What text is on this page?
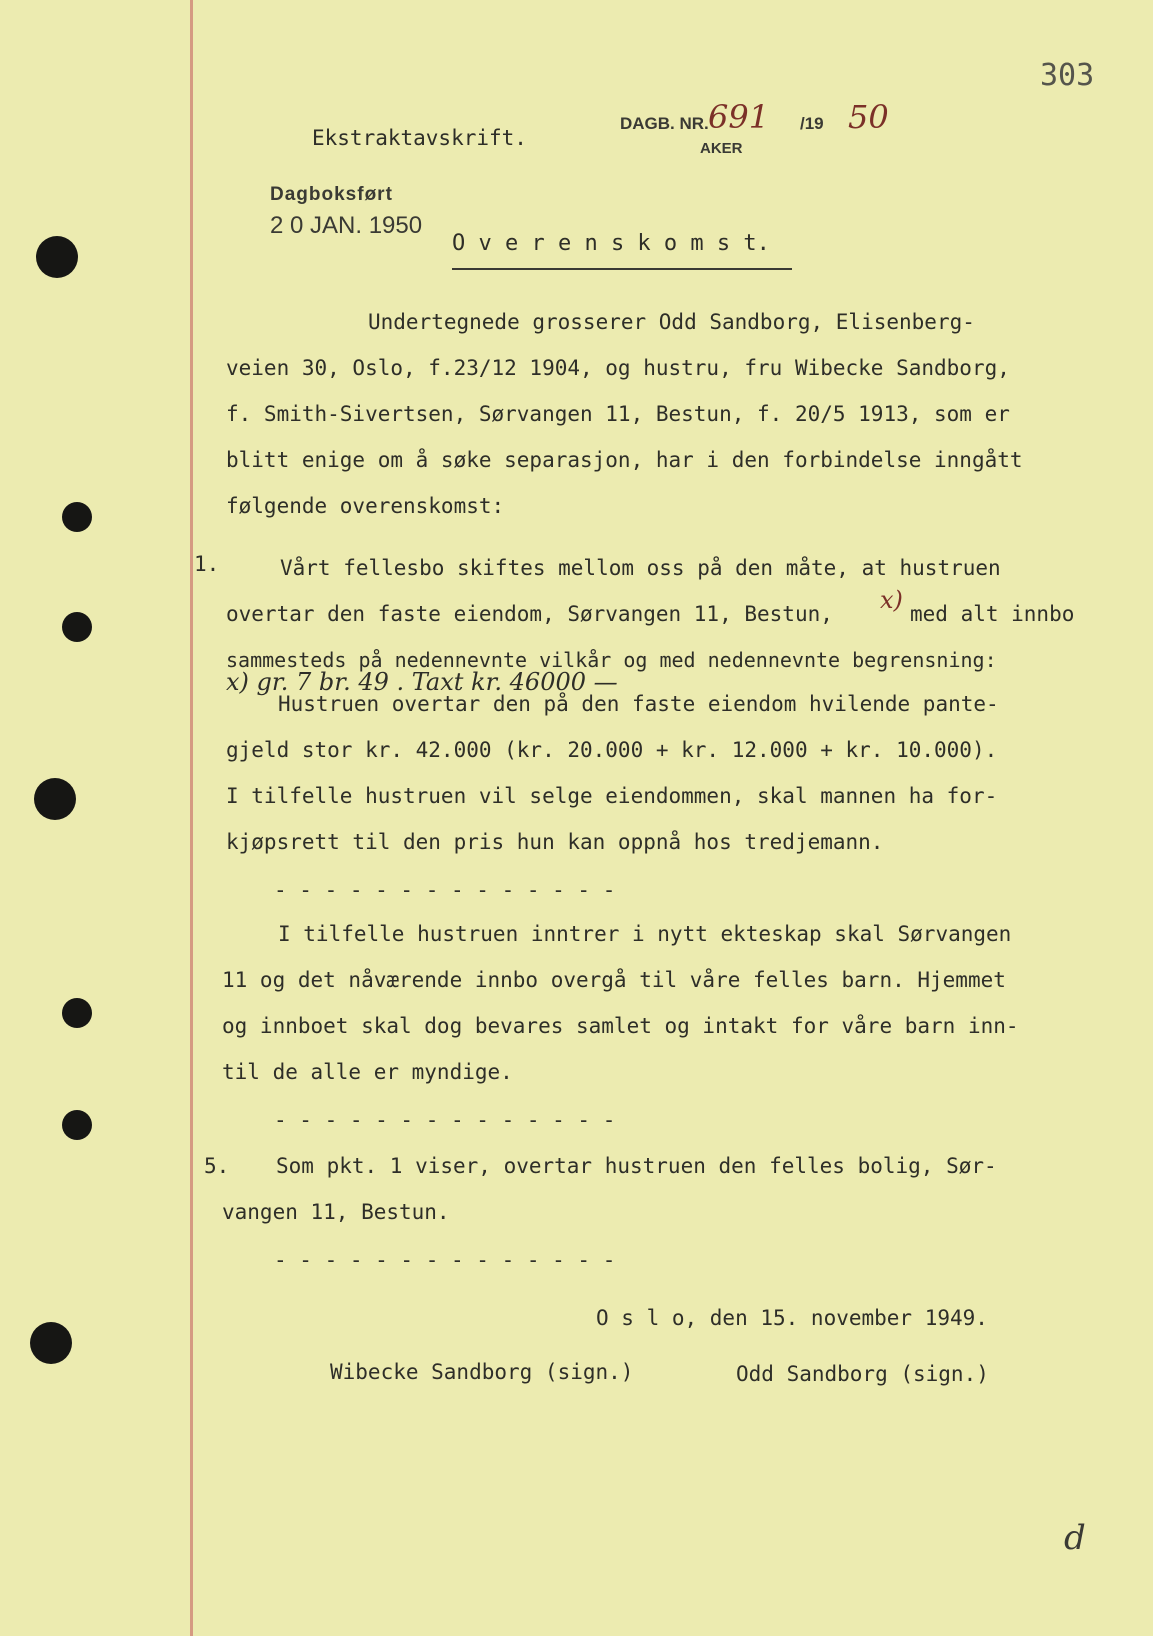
303
Ekstraktavskrift.
DAGB. NR. 691 /19 50
AKER
Dagboksført
2 0 JAN. 1950
O v e r e n s k o m s t.
Undertegnede grosserer Odd Sandborg, Elisenberg-
veien 30, Oslo, f.23/12 1904, og hustru, fru Wibecke Sandborg,
f. Smith-Sivertsen, Sørvangen 11, Bestun, f. 20/5 1913, som er
blitt enige om å søke separasjon, har i den forbindelse inngått
følgende overenskomst:
1.	Vårt fellesbo skiftes mellom oss på den måte, at hustruen
overtar den faste eiendom, Sørvangen 11, Bestun, x) med alt innbo
sammesteds på nedennevnte vilkår og med nedennevnte begrensning:
x) gr. 7 br. 49 . Taxt kr. 46000 —
Hustruen overtar den på den faste eiendom hvilende pante-
gjeld stor kr. 42.000 (kr. 20.000 + kr. 12.000 + kr. 10.000).
I tilfelle hustruen vil selge eiendommen, skal mannen ha for-
kjøpsrett til den pris hun kan oppnå hos tredjemann.
- - - - - - - - - - - - - -
I tilfelle hustruen inntrer i nytt ekteskap skal Sørvangen
11 og det nåværende innbo overgå til våre felles barn. Hjemmet
og innboet skal dog bevares samlet og intakt for våre barn inn-
til de alle er myndige.
- - - - - - - - - - - - - -
5. Som pkt. 1 viser, overtar hustruen den felles bolig, Sør-
vangen 11, Bestun.
- - - - - - - - - - - - - -
O s l o, den 15. november 1949.
Wibecke Sandborg (sign.)	Odd Sandborg (sign.)
d
